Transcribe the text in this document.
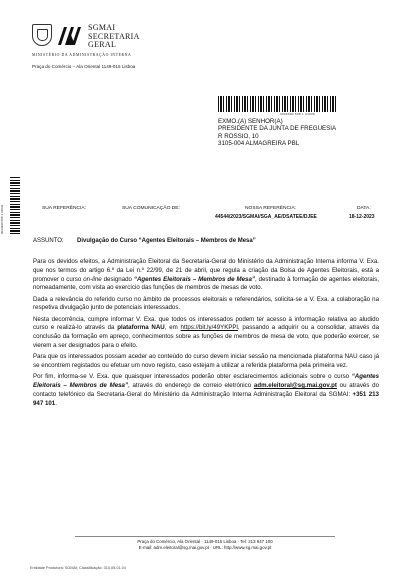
SGMAI
SECRETARIA
GERAL
MINISTÉRIO DA ADMINISTRAÇÃO INTERNA
Praça do Comércio – Ala Oriental 1149-015 Lisboa
3009990 508 1 34039
0023990 508 1 34039
EXMO.(A) SENHOR(A)
PRESIDENTE DA JUNTA DE FREGUESIA
R ROSSIO, 10
3105-004 ALMAGREIRA PBL
SUA REFERÊNCIA:	SUA COMUNICAÇÃO DE:	NOSSA REFERÊNCIA:
44544/2023/SGMAI/SGA_AE/DSATEE/DJEE
DATA:
18-12-2023
ASSUNTO: Divulgação do Curso “Agentes Eleitorais – Membros de Mesa”

Para os devidos efeitos, a Administração Eleitoral da Secretaria-Geral do Ministério da Administração Interna informa V. Exa. que nos termos do artigo 6.º da Lei n.º 22/99, de 21 de abril, que regula a criação da Bolsa de Agentes Eleitorais, está a promover o curso on-line designado “Agentes Eleitorais – Membros de Mesa”, destinado à formação de agentes eleitorais, nomeadamente, com vista ao exercício das funções de membros de mesas de voto.

Dada a relevância do referido curso no âmbito de processos eleitorais e referendários, solicita-se a V. Exa. a colaboração na respetiva divulgação junto de potenciais interessados.

Nesta decorrência, cumpre informar V. Exa. que todos os interessados podem ter acesso à informação relativa ao aludido curso e realizá-lo através da plataforma NAU, em https://bit.ly/49YKPPl, passando a adquirir ou a consolidar, através da conclusão da formação em apreço, conhecimentos sobre as funções de membros de mesa de voto, que poderão exercer, se vierem a ser designados para o efeito.

Para que os interessados possam aceder ao conteúdo do curso devem iniciar sessão na mencionada plataforma NAU caso já se encontrem registados ou efetuar um novo registo, caso estejam a utilizar a referida plataforma pela primeira vez.

Por fim, informa-se V. Exa. que quaisquer interessados poderão obter esclarecimentos adicionais sobre o curso “Agentes Eleitorais – Membros de Mesa”, através do endereço de correio eletrónico adm.eleitoral@sg.mai.gov.pt ou através do contacto telefónico da Secretaria-Geral do Ministério da Administração Interna Administração Eleitoral da SGMAI: +351 213 947 101.

Praça do Comércio, Ala Oriental · 1149-015 Lisboa · Tel: 213 947 100
E-mail: adm.eleitoral@sg.mai.gov.pt · URL: http://www.sg.mai.gov.pt
Entidade Produtora: SGMAI; Classificação: 310.05.01.04
